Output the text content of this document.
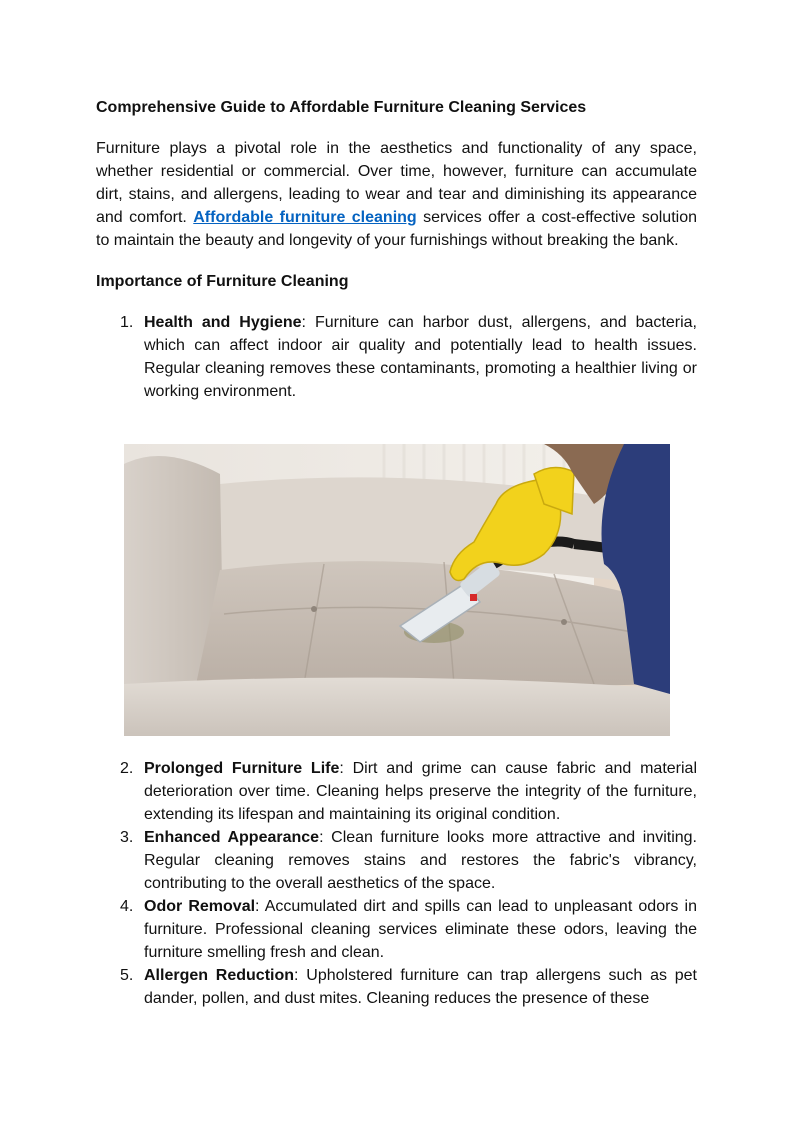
Comprehensive Guide to Affordable Furniture Cleaning Services

Furniture plays a pivotal role in the aesthetics and functionality of any space, whether residential or commercial. Over time, however, furniture can accumulate dirt, stains, and allergens, leading to wear and tear and diminishing its appearance and comfort. Affordable furniture cleaning services offer a cost-effective solution to maintain the beauty and longevity of your furnishings without breaking the bank.

Importance of Furniture Cleaning
1. Health and Hygiene: Furniture can harbor dust, allergens, and bacteria, which can affect indoor air quality and potentially lead to health issues. Regular cleaning removes these contaminants, promoting a healthier living or working environment.
2. Prolonged Furniture Life: Dirt and grime can cause fabric and material deterioration over time. Cleaning helps preserve the integrity of the furniture, extending its lifespan and maintaining its original condition.
3. Enhanced Appearance: Clean furniture looks more attractive and inviting. Regular cleaning removes stains and restores the fabric's vibrancy, contributing to the overall aesthetics of the space.
4. Odor Removal: Accumulated dirt and spills can lead to unpleasant odors in furniture. Professional cleaning services eliminate these odors, leaving the furniture smelling fresh and clean.
5. Allergen Reduction: Upholstered furniture can trap allergens such as pet dander, pollen, and dust mites. Cleaning reduces the presence of these
